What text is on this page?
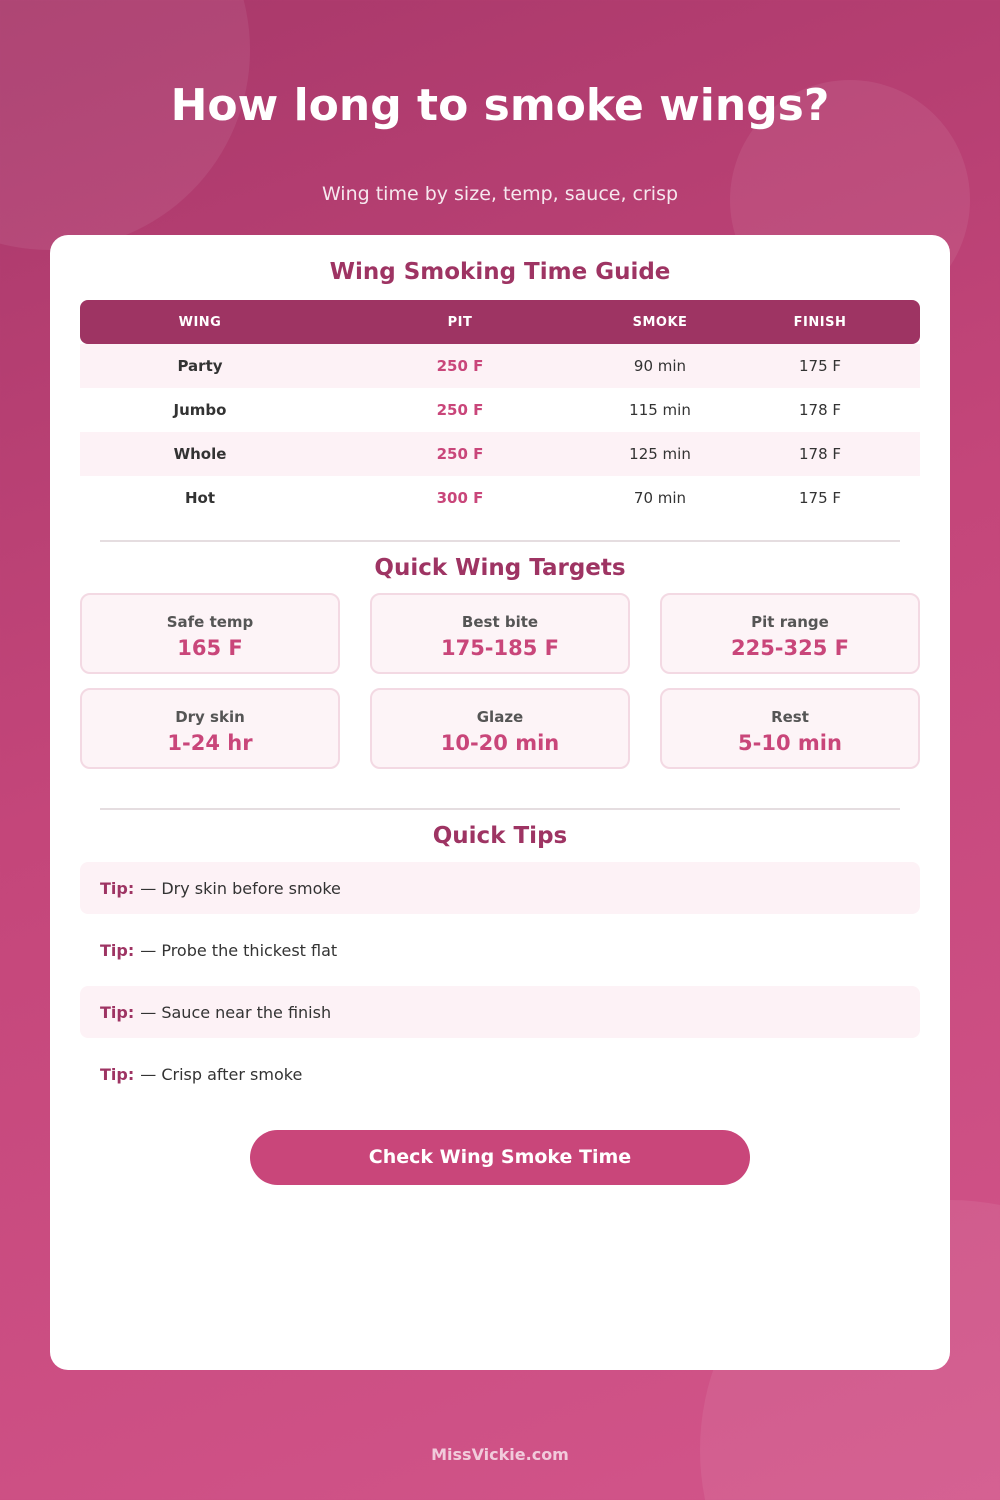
How long to smoke wings?

Wing time by size, temp, sauce, crisp

Wing Smoking Time Guide
WING	PIT	SMOKE	FINISH
Party	250 F	90 min	175 F
Jumbo	250 F	115 min	178 F
Whole	250 F	125 min	178 F
Hot	300 F	70 min	175 F
Quick Wing Targets
Safe temp
165 F
Best bite
175-185 F
Pit range
225-325 F
Dry skin
1-24 hr
Glaze
10-20 min
Rest
5-10 min
Quick Tips
Tip: — Dry skin before smoke
Tip: — Probe the thickest flat
Tip: — Sauce near the finish
Tip: — Crisp after smoke
Check Wing Smoke Time
MissVickie.com
